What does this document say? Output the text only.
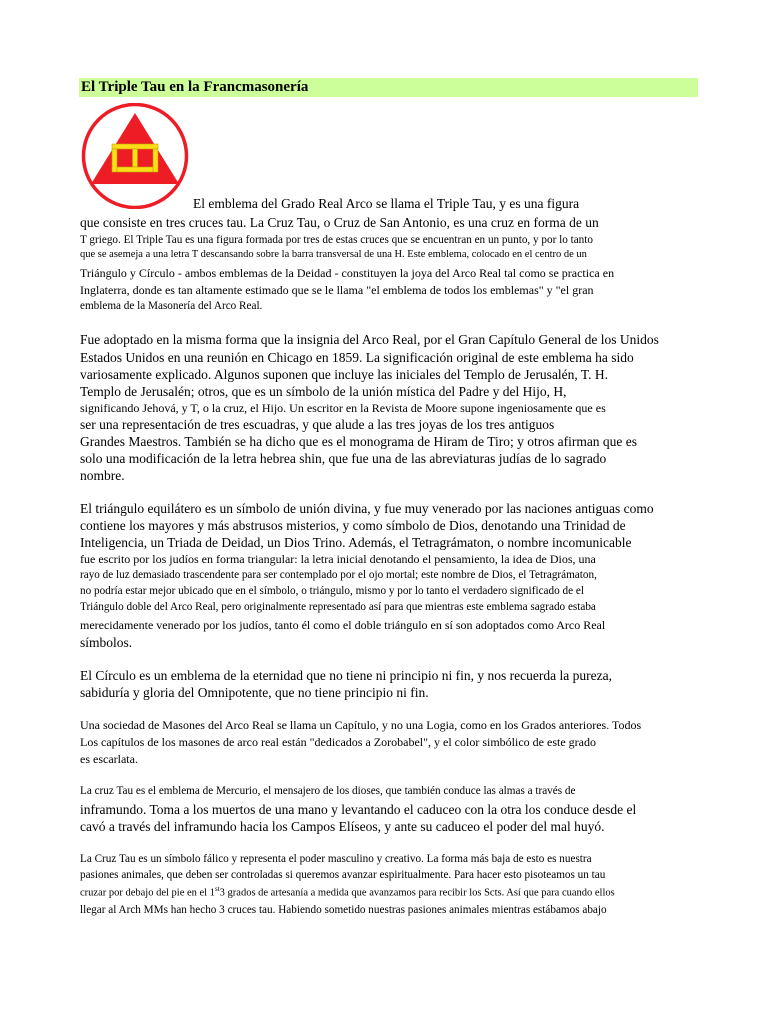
El Triple Tau en la Francmasonería
El emblema del Grado Real Arco se llama el Triple Tau, y es una figura
que consiste en tres cruces tau. La Cruz Tau, o Cruz de San Antonio, es una cruz en forma de un
T griego. El Triple Tau es una figura formada por tres de estas cruces que se encuentran en un punto, y por lo tanto
que se asemeja a una letra T descansando sobre la barra transversal de una H. Este emblema, colocado en el centro de un
Triángulo y Círculo - ambos emblemas de la Deidad - constituyen la joya del Arco Real tal como se practica en
Inglaterra, donde es tan altamente estimado que se le llama "el emblema de todos los emblemas" y "el gran
emblema de la Masonería del Arco Real.
Fue adoptado en la misma forma que la insignia del Arco Real, por el Gran Capítulo General de los Unidos
Estados Unidos en una reunión en Chicago en 1859. La significación original de este emblema ha sido
variosamente explicado. Algunos suponen que incluye las iniciales del Templo de Jerusalén, T. H.
Templo de Jerusalén; otros, que es un símbolo de la unión mística del Padre y del Hijo, H,
significando Jehová, y T, o la cruz, el Hijo. Un escritor en la Revista de Moore supone ingeniosamente que es
ser una representación de tres escuadras, y que alude a las tres joyas de los tres antiguos
Grandes Maestros. También se ha dicho que es el monograma de Hiram de Tiro; y otros afirman que es
solo una modificación de la letra hebrea shin, que fue una de las abreviaturas judías de lo sagrado
nombre.
El triángulo equilátero es un símbolo de unión divina, y fue muy venerado por las naciones antiguas como
contiene los mayores y más abstrusos misterios, y como símbolo de Dios, denotando una Trinidad de
Inteligencia, un Triada de Deidad, un Dios Trino. Además, el Tetragrámaton, o nombre incomunicable
fue escrito por los judíos en forma triangular: la letra inicial denotando el pensamiento, la idea de Dios, una
rayo de luz demasiado trascendente para ser contemplado por el ojo mortal; este nombre de Dios, el Tetragrámaton,
no podría estar mejor ubicado que en el símbolo, o triángulo, mismo y por lo tanto el verdadero significado de el
Triángulo doble del Arco Real, pero originalmente representado así para que mientras este emblema sagrado estaba
merecidamente venerado por los judíos, tanto él como el doble triángulo en sí son adoptados como Arco Real
símbolos.
El Círculo es un emblema de la eternidad que no tiene ni principio ni fin, y nos recuerda la pureza,
sabiduría y gloria del Omnipotente, que no tiene principio ni fin.
Una sociedad de Masones del Arco Real se llama un Capítulo, y no una Logia, como en los Grados anteriores. Todos
Los capítulos de los masones de arco real están "dedicados a Zorobabel", y el color simbólico de este grado
es escarlata.
La cruz Tau es el emblema de Mercurio, el mensajero de los dioses, que también conduce las almas a través de
inframundo. Toma a los muertos de una mano y levantando el caduceo con la otra los conduce desde el
cavó a través del inframundo hacia los Campos Elíseos, y ante su caduceo el poder del mal huyó.
La Cruz Tau es un símbolo fálico y representa el poder masculino y creativo. La forma más baja de esto es nuestra
pasiones animales, que deben ser controladas si queremos avanzar espiritualmente. Para hacer esto pisoteamos un tau
cruzar por debajo del pie en el 1st3 grados de artesanía a medida que avanzamos para recibir los Scts. Así que para cuando ellos
llegar al Arch MMs han hecho 3 cruces tau. Habiendo sometido nuestras pasiones animales mientras estábamos abajo
